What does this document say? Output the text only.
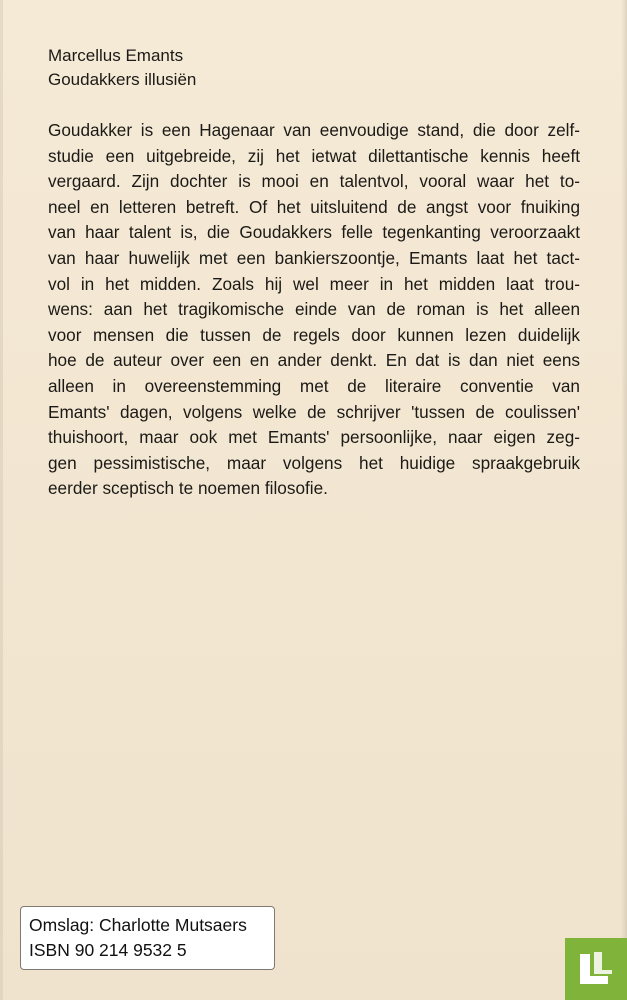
Marcellus Emants
Goudakkers illusiën
Goudakker is een Hagenaar van eenvoudige stand, die door zelf-
studie een uitgebreide, zij het ietwat dilettantische kennis heeft
vergaard. Zijn dochter is mooi en talentvol, vooral waar het to-
neel en letteren betreft. Of het uitsluitend de angst voor fnuiking
van haar talent is, die Goudakkers felle tegenkanting veroorzaakt
van haar huwelijk met een bankierszoontje, Emants laat het tact-
vol in het midden. Zoals hij wel meer in het midden laat trou-
wens: aan het tragikomische einde van de roman is het alleen
voor mensen die tussen de regels door kunnen lezen duidelijk
hoe de auteur over een en ander denkt. En dat is dan niet eens
alleen in overeenstemming met de literaire conventie van
Emants' dagen, volgens welke de schrijver 'tussen de coulissen'
thuishoort, maar ook met Emants' persoonlijke, naar eigen zeg-
gen pessimistische, maar volgens het huidige spraakgebruik
eerder sceptisch te noemen filosofie.
Omslag: Charlotte Mutsaers
ISBN 90 214 9532 5
